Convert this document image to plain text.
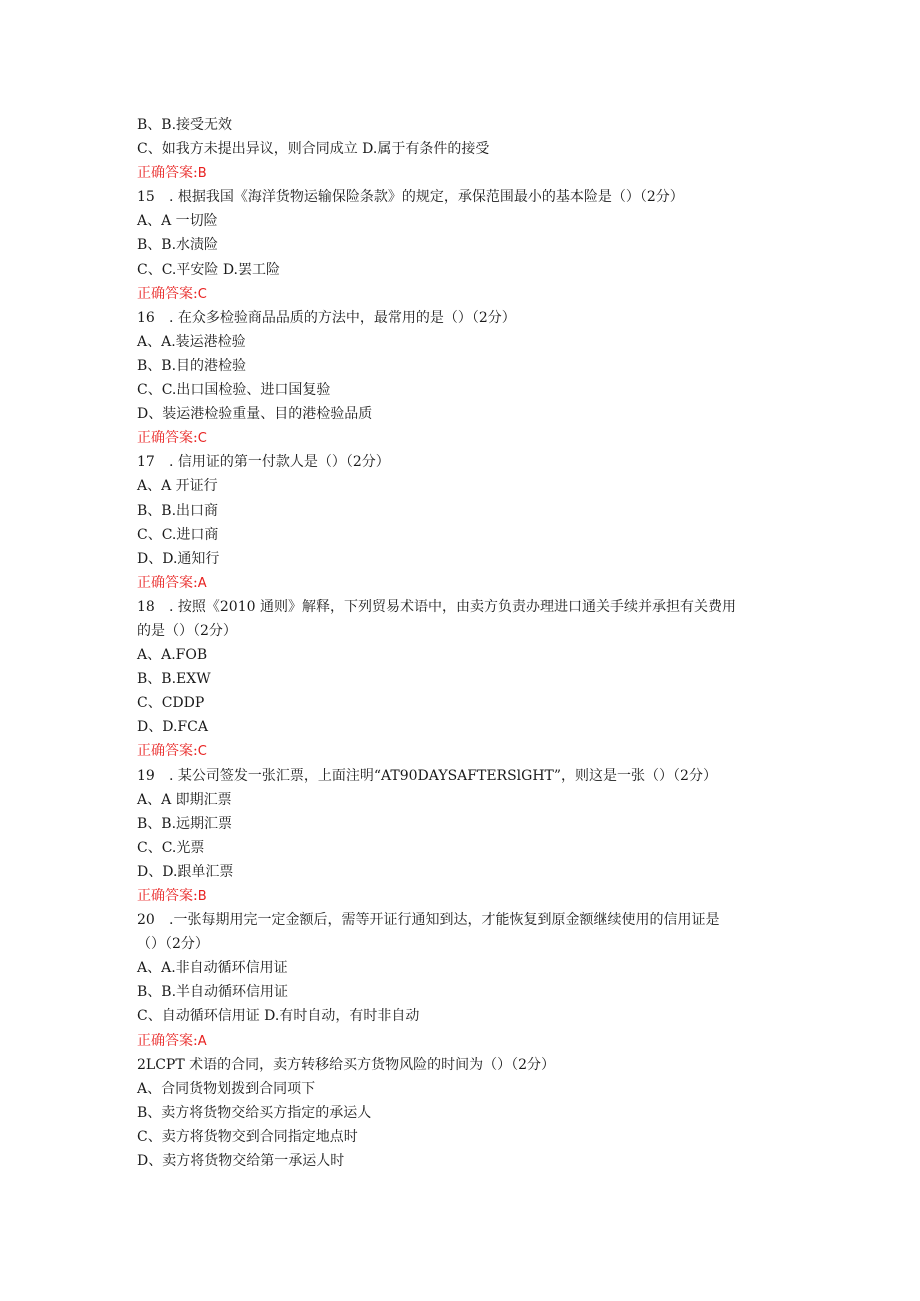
B、B.接受无效
C、如我方未提出异议，则合同成立 D.属于有条件的接受
正确答案:B
15 . 根据我国《海洋货物运输保险条款》的规定，承保范围最小的基本险是（）（2分）
A、A 一切险
B、B.水渍险
C、C.平安险 D.罢工险
正确答案:C
16 . 在众多检验商品品质的方法中，最常用的是（）（2分）
A、A.装运港检验
B、B.目的港检验
C、C.出口国检验、进口国复验
D、装运港检验重量、目的港检验品质
正确答案:C
17 . 信用证的第一付款人是（）（2分）
A、A 开证行
B、B.出口商
C、C.进口商
D、D.通知行
正确答案:A
18 . 按照《2010 通则》解释，下列贸易术语中，由卖方负责办理进口通关手续并承担有关费用
的是（）（2分）
A、A.FOB
B、B.EXW
C、CDDP
D、D.FCA
正确答案:C
19 . 某公司签发一张汇票，上面注明“AT90DAYSAFTERSlGHT”，则这是一张（）（2分）
A、A 即期汇票
B、B.远期汇票
C、C.光票
D、D.跟单汇票
正确答案:B
20 .一张每期用完一定金额后，需等开证行通知到达，才能恢复到原金额继续使用的信用证是
（）（2分）
A、A.非自动循环信用证
B、B.半自动循环信用证
C、自动循环信用证 D.有时自动，有时非自动
正确答案:A
2LCPT 术语的合同，卖方转移给买方货物风险的时间为（）（2分）
A、合同货物划拨到合同项下
B、卖方将货物交给买方指定的承运人
C、卖方将货物交到合同指定地点时
D、卖方将货物交给第一承运人时
